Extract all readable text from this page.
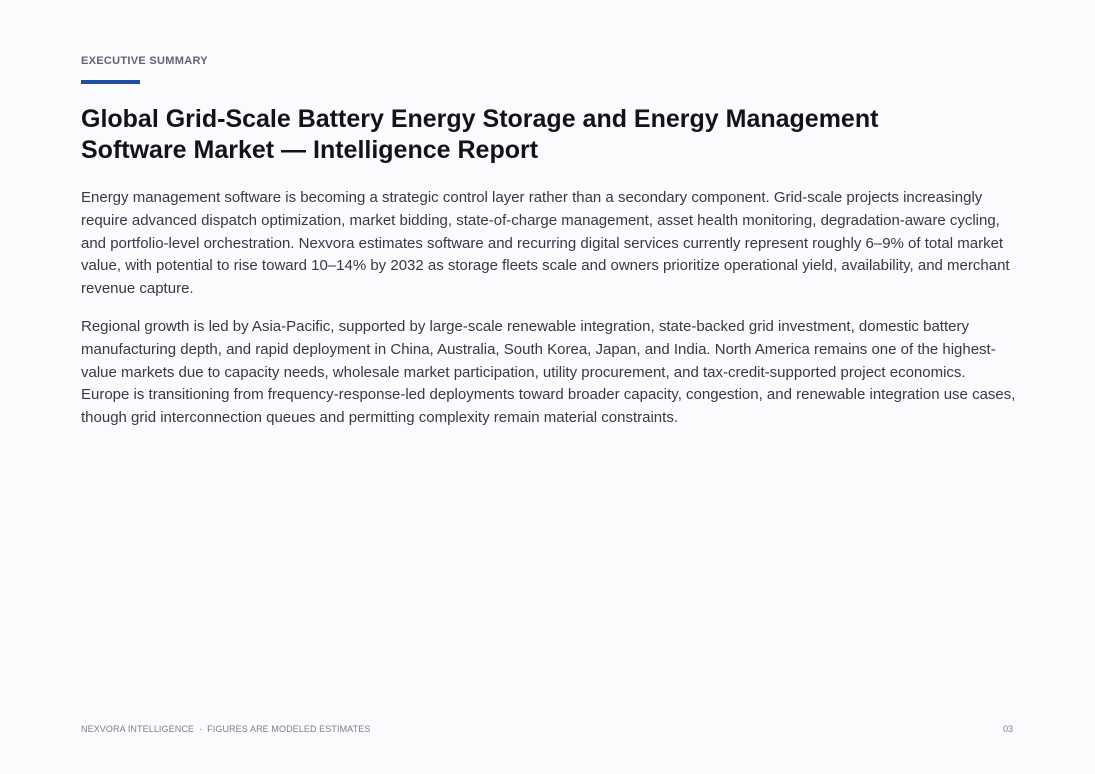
EXECUTIVE SUMMARY
Global Grid-Scale Battery Energy Storage and Energy Management Software Market — Intelligence Report

Energy management software is becoming a strategic control layer rather than a secondary component. Grid-scale projects increasingly require advanced dispatch optimization, market bidding, state-of-charge management, asset health monitoring, degradation-aware cycling, and portfolio-level orchestration. Nexvora estimates software and recurring digital services currently represent roughly 6–9% of total market value, with potential to rise toward 10–14% by 2032 as storage fleets scale and owners prioritize operational yield, availability, and merchant revenue capture.

Regional growth is led by Asia-Pacific, supported by large-scale renewable integration, state-backed grid investment, domestic battery manufacturing depth, and rapid deployment in China, Australia, South Korea, Japan, and India. North America remains one of the highest-value markets due to capacity needs, wholesale market participation, utility procurement, and tax-credit-supported project economics. Europe is transitioning from frequency-response-led deployments toward broader capacity, congestion, and renewable integration use cases, though grid interconnection queues and permitting complexity remain material constraints.

NEXVORA INTELLIGENCE · FIGURES ARE MODELED ESTIMATES	03
